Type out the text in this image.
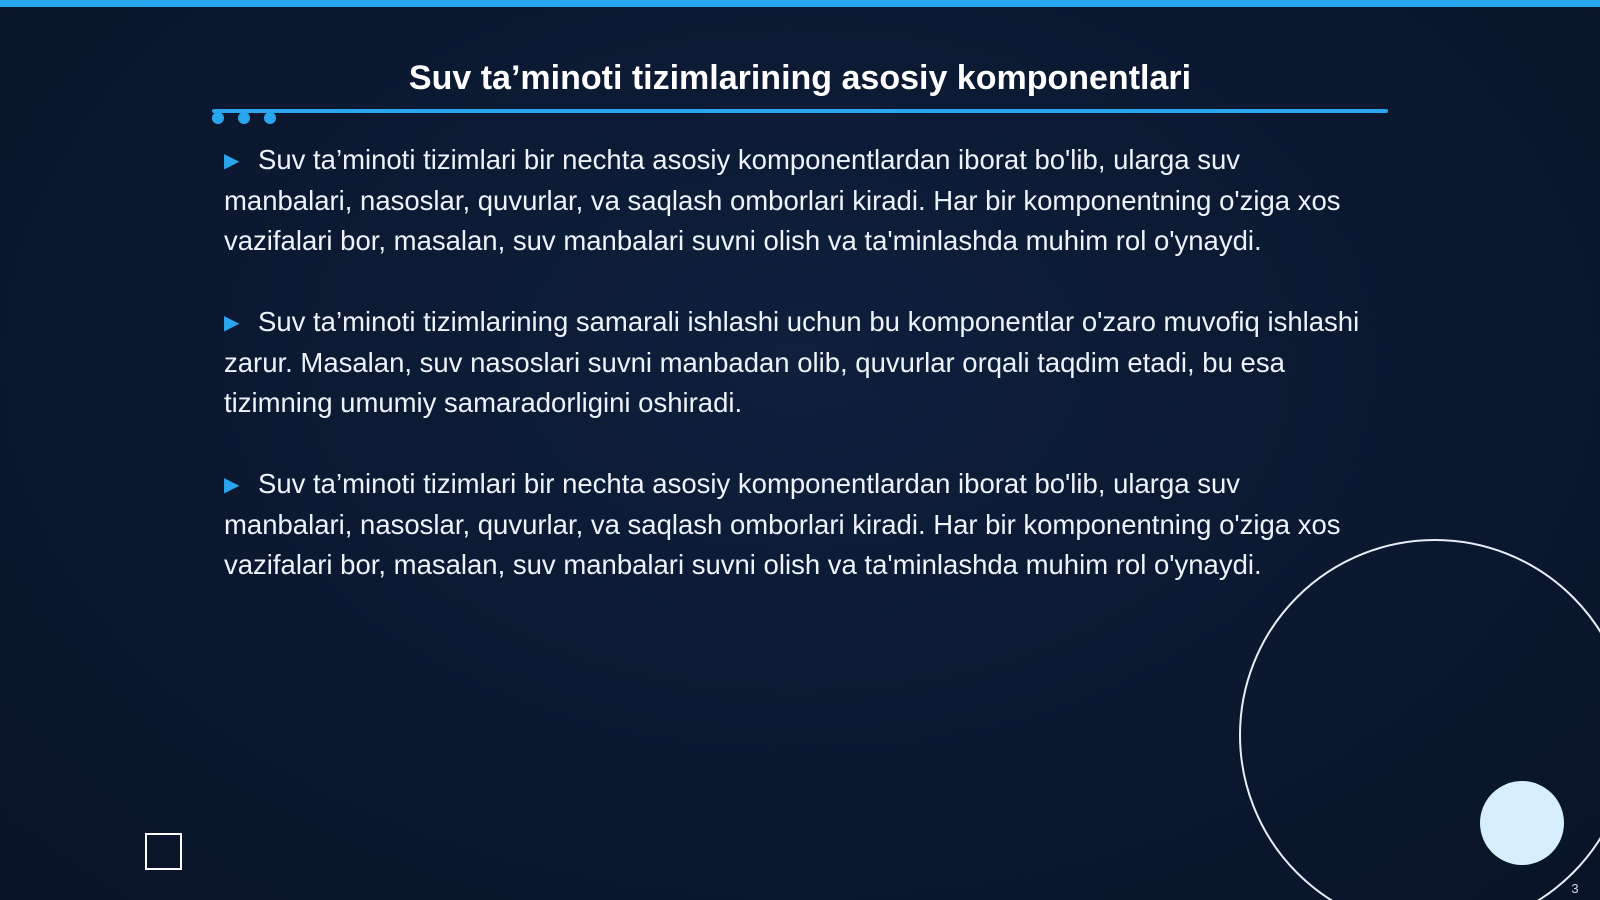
Suv ta’minoti tizimlarining asosiy komponentlari
▶ Suv ta’minoti tizimlari bir nechta asosiy komponentlardan iborat bo'lib, ularga suv manbalari, nasoslar, quvurlar, va saqlash omborlari kiradi. Har bir komponentning o'ziga xos vazifalari bor, masalan, suv manbalari suvni olish va ta'minlashda muhim rol o'ynaydi.
▶ Suv ta’minoti tizimlarining samarali ishlashi uchun bu komponentlar o'zaro muvofiq ishlashi zarur. Masalan, suv nasoslari suvni manbadan olib, quvurlar orqali taqdim etadi, bu esa tizimning umumiy samaradorligini oshiradi.
▶ Suv ta’minoti tizimlari bir nechta asosiy komponentlardan iborat bo'lib, ularga suv manbalari, nasoslar, quvurlar, va saqlash omborlari kiradi. Har bir komponentning o'ziga xos vazifalari bor, masalan, suv manbalari suvni olish va ta'minlashda muhim rol o'ynaydi.
3
